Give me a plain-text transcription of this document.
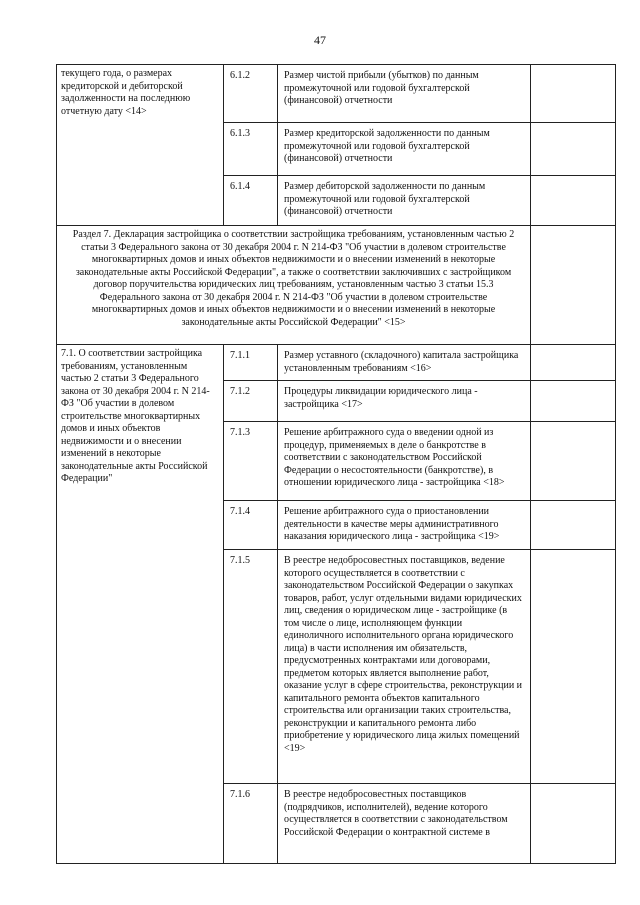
47
текущего года, о размерах кредиторской и дебиторской задолженности на последнюю отчетную дату <14>	6.1.2	Размер чистой прибыли (убытков) по данным промежуточной или годовой бухгалтерской (финансовой) отчетности	
	6.1.3	Размер кредиторской задолженности по данным промежуточной или годовой бухгалтерской (финансовой) отчетности	
	6.1.4	Размер дебиторской задолженности по данным промежуточной или годовой бухгалтерской (финансовой) отчетности	
Раздел 7. Декларация застройщика о соответствии застройщика требованиям, установленным частью 2 статьи 3 Федерального закона от 30 декабря 2004 г. N 214-ФЗ "Об участии в долевом строительстве многоквартирных домов и иных объектов недвижимости и о внесении изменений в некоторые законодательные акты Российской Федерации", а также о соответствии заключивших с застройщиком договор поручительства юридических лиц требованиям, установленным частью 3 статьи 15.3 Федерального закона от 30 декабря 2004 г. N 214-ФЗ "Об участии в долевом строительстве многоквартирных домов и иных объектов недвижимости и о внесении изменений в некоторые законодательные акты Российской Федерации" <15>			
7.1. О соответствии застройщика требованиям, установленным частью 2 статьи 3 Федерального закона от 30 декабря 2004 г. N 214-ФЗ "Об участии в долевом строительстве многоквартирных домов и иных объектов недвижимости и о внесении изменений в некоторые законодательные акты Российской Федерации"	7.1.1	Размер уставного (складочного) капитала застройщика установленным требованиям <16>	
	7.1.2	Процедуры ликвидации юридического лица - застройщика <17>	
	7.1.3	Решение арбитражного суда о введении одной из процедур, применяемых в деле о банкротстве в соответствии с законодательством Российской Федерации о несостоятельности (банкротстве), в отношении юридического лица - застройщика <18>	
	7.1.4	Решение арбитражного суда о приостановлении деятельности в качестве меры административного наказания юридического лица - застройщика <19>	
	7.1.5	В реестре недобросовестных поставщиков, ведение которого осуществляется в соответствии с законодательством Российской Федерации о закупках товаров, работ, услуг отдельными видами юридических лиц, сведения о юридическом лице - застройщике (в том числе о лице, исполняющем функции единоличного исполнительного органа юридического лица) в части исполнения им обязательств, предусмотренных контрактами или договорами, предметом которых является выполнение работ, оказание услуг в сфере строительства, реконструкции и капитального ремонта объектов капитального строительства или организации таких строительства, реконструкции и капитального ремонта либо приобретение у юридического лица жилых помещений <19>	
	7.1.6	В реестре недобросовестных поставщиков (подрядчиков, исполнителей), ведение которого осуществляется в соответствии с законодательством Российской Федерации о контрактной системе в	
